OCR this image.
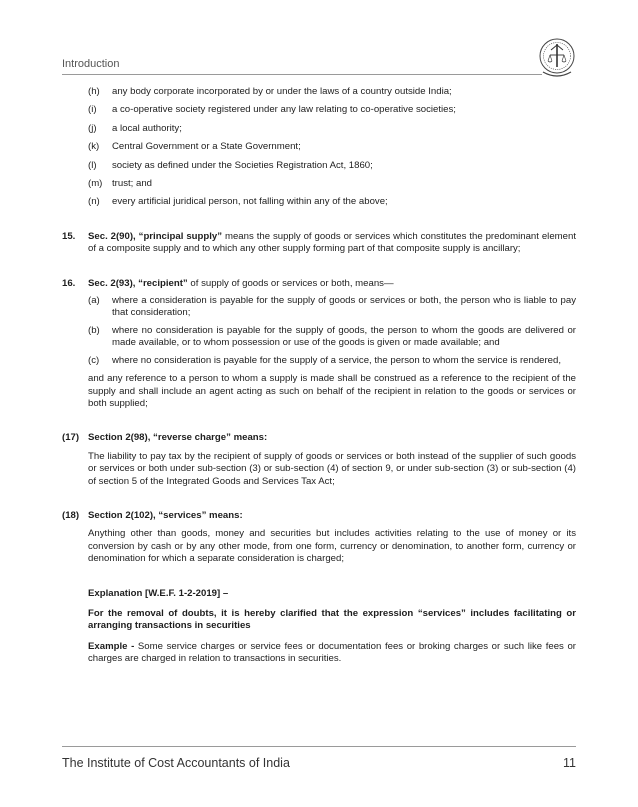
Introduction
(h)	any body corporate incorporated by or under the laws of a country outside India;
(i)	a co-operative society registered under any law relating to co-operative societies;
(j)	a local authority;
(k)	Central Government or a State Government;
(l)	society as defined under the Societies Registration Act, 1860;
(m)	trust; and
(n)	every artificial juridical person, not falling within any of the above;
15.	Sec. 2(90), “principal supply” means the supply of goods or services which constitutes the predominant element of a composite supply and to which any other supply forming part of that composite supply is ancillary;
16.	Sec. 2(93), “recipient” of supply of goods or services or both, means—
(a)	where a consideration is payable for the supply of goods or services or both, the person who is liable to pay that consideration;
(b)	where no consideration is payable for the supply of goods, the person to whom the goods are delivered or made available, or to whom possession or use of the goods is given or made available; and
(c)	where no consideration is payable for the supply of a service, the person to whom the service is rendered,
and any reference to a person to whom a supply is made shall be construed as a reference to the recipient of the supply and shall include an agent acting as such on behalf of the recipient in relation to the goods or services or both supplied;
(17) Section 2(98), “reverse charge” means:
The liability to pay tax by the recipient of supply of goods or services or both instead of the supplier of such goods or services or both under sub-section (3) or sub-section (4) of section 9, or under sub-section (3) or sub-section (4) of section 5 of the Integrated Goods and Services Tax Act;
(18) Section 2(102), “services” means:
Anything other than goods, money and securities but includes activities relating to the use of money or its conversion by cash or by any other mode, from one form, currency or denomination, to another form, currency or denomination for which a separate consideration is charged;
Explanation [W.E.F. 1-2-2019] –
For the removal of doubts, it is hereby clarified that the expression “services” includes facilitating or arranging transactions in securities
Example - Some service charges or service fees or documentation fees or broking charges or such like fees or charges are charged in relation to transactions in securities.
The Institute of Cost Accountants of India	11
